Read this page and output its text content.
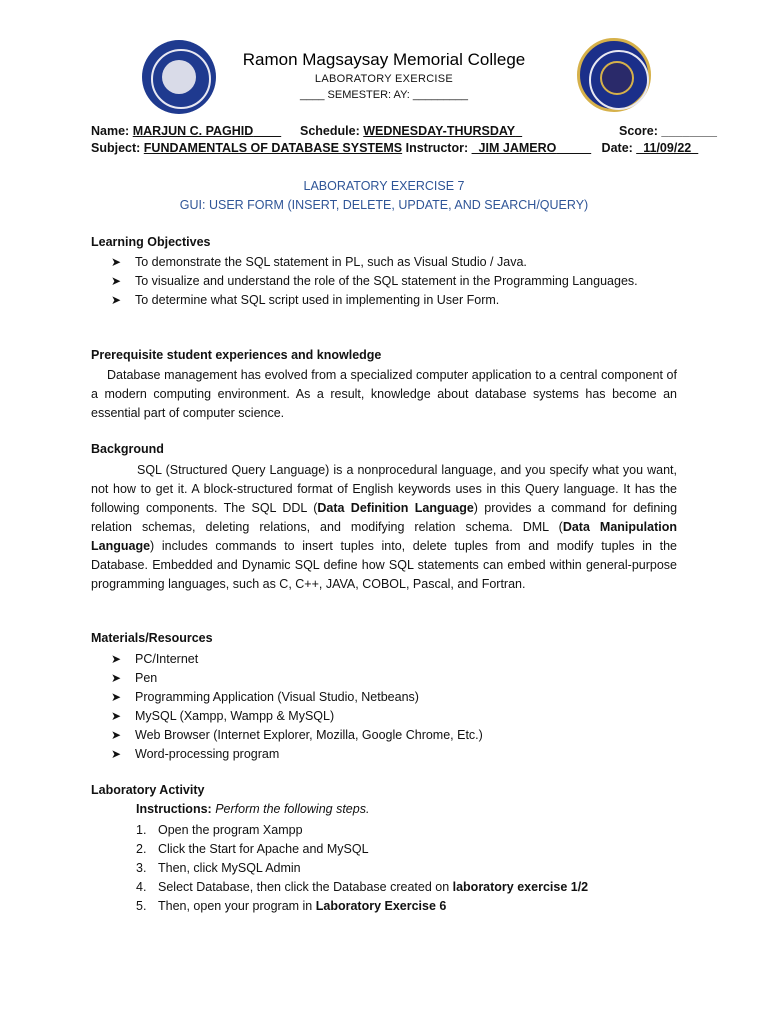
Ramon Magsaysay Memorial College
LABORATORY EXERCISE
____ SEMESTER: AY: _________
Name: MARJUN C. PAGHID____ Schedule: WEDNESDAY-THURSDAY_	Score: ________
Subject: FUNDAMENTALS OF DATABASE SYSTEMS Instructor: _JIM JAMERO_____ Date: _11/09/22_
LABORATORY EXERCISE 7
GUI: USER FORM (INSERT, DELETE, UPDATE, AND SEARCH/QUERY)
Learning Objectives
➤ To demonstrate the SQL statement in PL, such as Visual Studio / Java.
➤ To visualize and understand the role of the SQL statement in the Programming Languages.
➤ To determine what SQL script used in implementing in User Form.
Prerequisite student experiences and knowledge

Database management has evolved from a specialized computer application to a central component of a modern computing environment. As a result, knowledge about database systems has become an essential part of computer science.

Background

SQL (Structured Query Language) is a nonprocedural language, and you specify what you want, not how to get it. A block-structured format of English keywords uses in this Query language. It has the following components. The SQL DDL (Data Definition Language) provides a command for defining relation schemas, deleting relations, and modifying relation schema. DML (Data Manipulation Language) includes commands to insert tuples into, delete tuples from and modify tuples in the Database. Embedded and Dynamic SQL define how SQL statements can embed within general-purpose programming languages, such as C, C++, JAVA, COBOL, Pascal, and Fortran.

Materials/Resources
➤ PC/Internet
➤ Pen
➤ Programming Application (Visual Studio, Netbeans)
➤ MySQL (Xampp, Wampp & MySQL)
➤ Web Browser (Internet Explorer, Mozilla, Google Chrome, Etc.)
➤ Word-processing program
Laboratory Activity
Instructions: Perform the following steps.
1. Open the program Xampp
2. Click the Start for Apache and MySQL
3. Then, click MySQL Admin
4. Select Database, then click the Database created on laboratory exercise 1/2
5. Then, open your program in Laboratory Exercise 6
